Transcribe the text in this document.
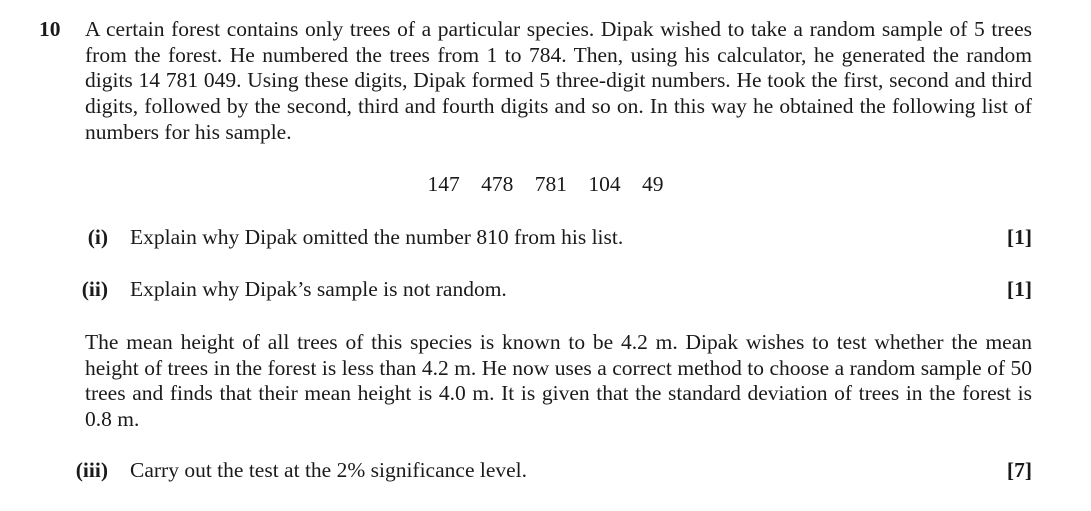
10 A certain forest contains only trees of a particular species. Dipak wished to take a random sample of 5 trees from the forest. He numbered the trees from 1 to 784. Then, using his calculator, he generated the random digits 14 781 049. Using these digits, Dipak formed 5 three-digit numbers. He took the first, second and third digits, followed by the second, third and fourth digits and so on. In this way he obtained the following list of numbers for his sample.

147 478 781 104 49
(i) Explain why Dipak omitted the number 810 from his list.	[1]
(ii) Explain why Dipak’s sample is not random.	[1]

The mean height of all trees of this species is known to be 4.2 m. Dipak wishes to test whether the mean height of trees in the forest is less than 4.2 m. He now uses a correct method to choose a random sample of 50 trees and finds that their mean height is 4.0 m. It is given that the standard deviation of trees in the forest is 0.8 m.

(iii) Carry out the test at the 2% significance level.	[7]
